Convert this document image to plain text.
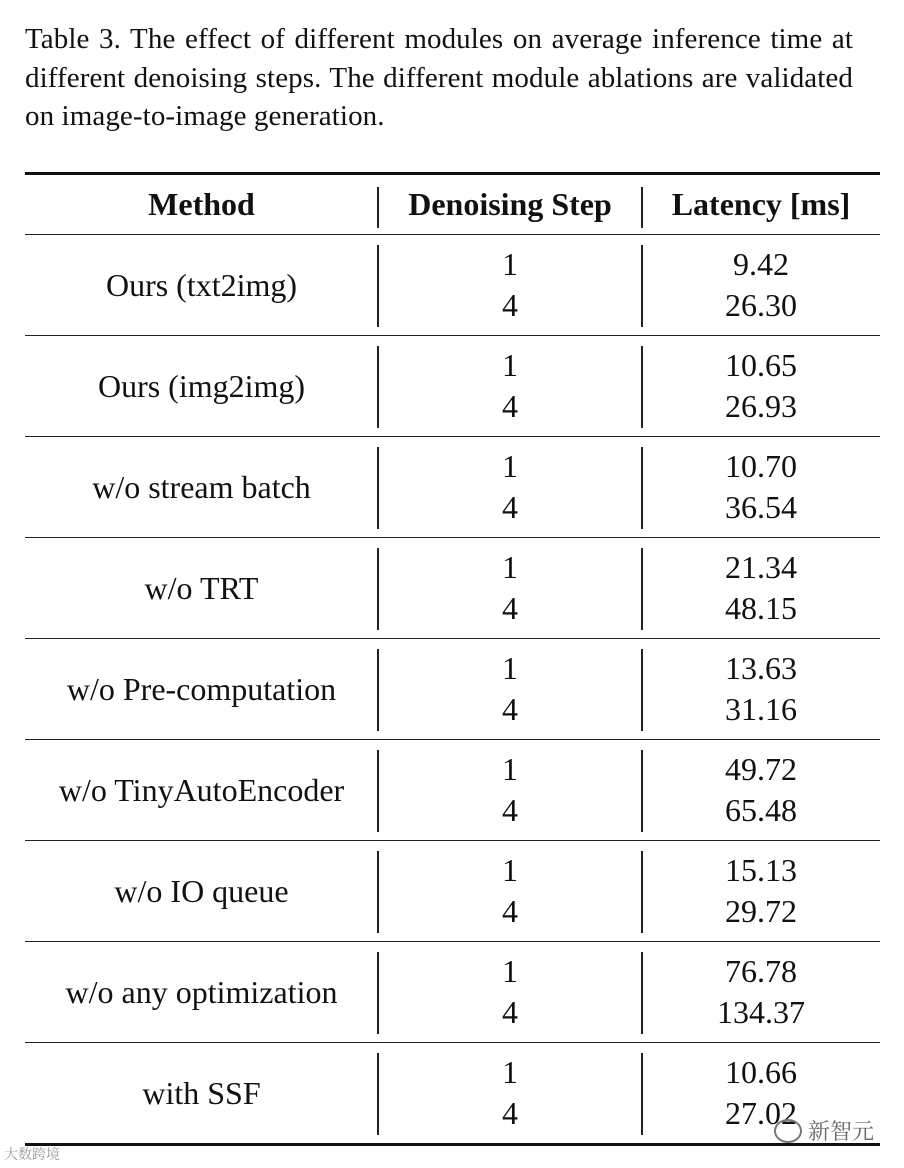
Table 3. The effect of different modules on average inference time at different denoising steps. The different module ablations are validated on image-to-image generation.
Method	Denoising Step	Latency [ms]
Ours (txt2img)
1
4
9.42
26.30
Ours (img2img)
1
4
10.65
26.93
w/o stream batch
1
4
10.70
36.54
w/o TRT
1
4
21.34
48.15
w/o Pre-computation
1
4
13.63
31.16
w/o TinyAutoEncoder
1
4
49.72
65.48
w/o IO queue
1
4
15.13
29.72
w/o any optimization
1
4
76.78
134.37
with SSF
1
4
10.66
27.02
新智元
大数跨境
